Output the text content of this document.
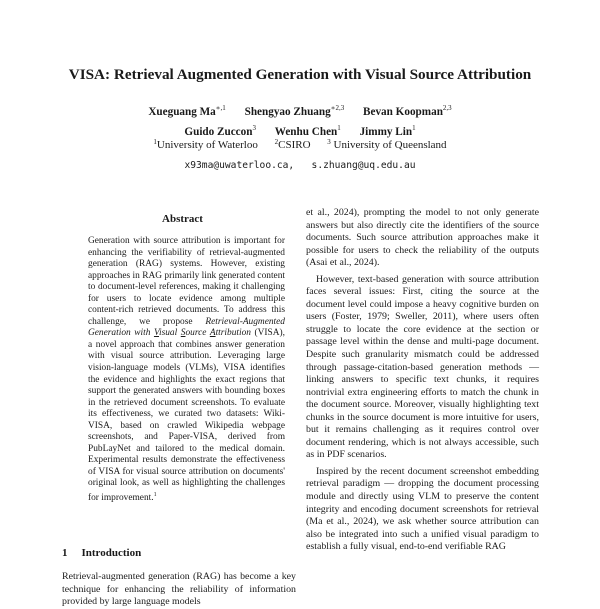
VISA: Retrieval Augmented Generation with Visual Source Attribution
Xueguang $Ma^{∗,1}$ Shengyao Zhuang$^{∗2,3}$ Bevan Koopman$^{2,3}$
Guido Zuccon$^3$ Wenhu Chen$^1$ Jimmy Lin$^1$
$^1$University of Waterloo $^2$CSIRO $^3$ University of Queensland
x93ma@uwaterloo.ca,   s.zhuang@uq.edu.au
Abstract

Generation with source attribution is important for enhancing the verifiability of retrieval-augmented generation (RAG) systems. However, existing approaches in RAG primarily link generated content to document-level references, making it challenging for users to locate evidence among multiple content-rich retrieved documents. To address this challenge, we propose Retrieval-Augmented Generation with Visual Source Attribution (VISA), a novel approach that combines answer generation with visual source attribution. Leveraging large vision-language models (VLMs), VISA identifies the evidence and highlights the exact regions that support the generated answers with bounding boxes in the retrieved document screenshots. To evaluate its effectiveness, we curated two datasets: Wiki-VISA, based on crawled Wikipedia webpage screenshots, and Paper-VISA, derived from PubLayNet and tailored to the medical domain. Experimental results demonstrate the effectiveness of VISA for visual source attribution on documents' original look, as well as highlighting the challenges for improvement.$^1$

1 Introduction

Retrieval-augmented generation (RAG) has become a key technique for enhancing the reliability of information provided by large language models

et al., 2024), prompting the model to not only generate answers but also directly cite the identifiers of the source documents. Such source attribution approaches make it possible for users to check the reliability of the outputs (Asai et al., 2024).

However, text-based generation with source attribution faces several issues: First, citing the source at the document level could impose a heavy cognitive burden on users (Foster, 1979; Sweller, 2011), where users often struggle to locate the core evidence at the section or passage level within the dense and multi-page document. Despite such granularity mismatch could be addressed through passage-citation-based generation methods — linking answers to specific text chunks, it requires nontrivial extra engineering efforts to match the chunk in the document source. Moreover, visually highlighting text chunks in the source document is more intuitive for users, but it remains challenging as it requires control over document rendering, which is not always accessible, such as in PDF scenarios.

Inspired by the recent document screenshot embedding retrieval paradigm — dropping the document processing module and directly using VLM to preserve the content integrity and encoding document screenshots for retrieval (Ma et al., 2024), we ask whether source attribution can also be integrated into such a unified visual paradigm to establish a fully visual, end-to-end verifiable RAG
